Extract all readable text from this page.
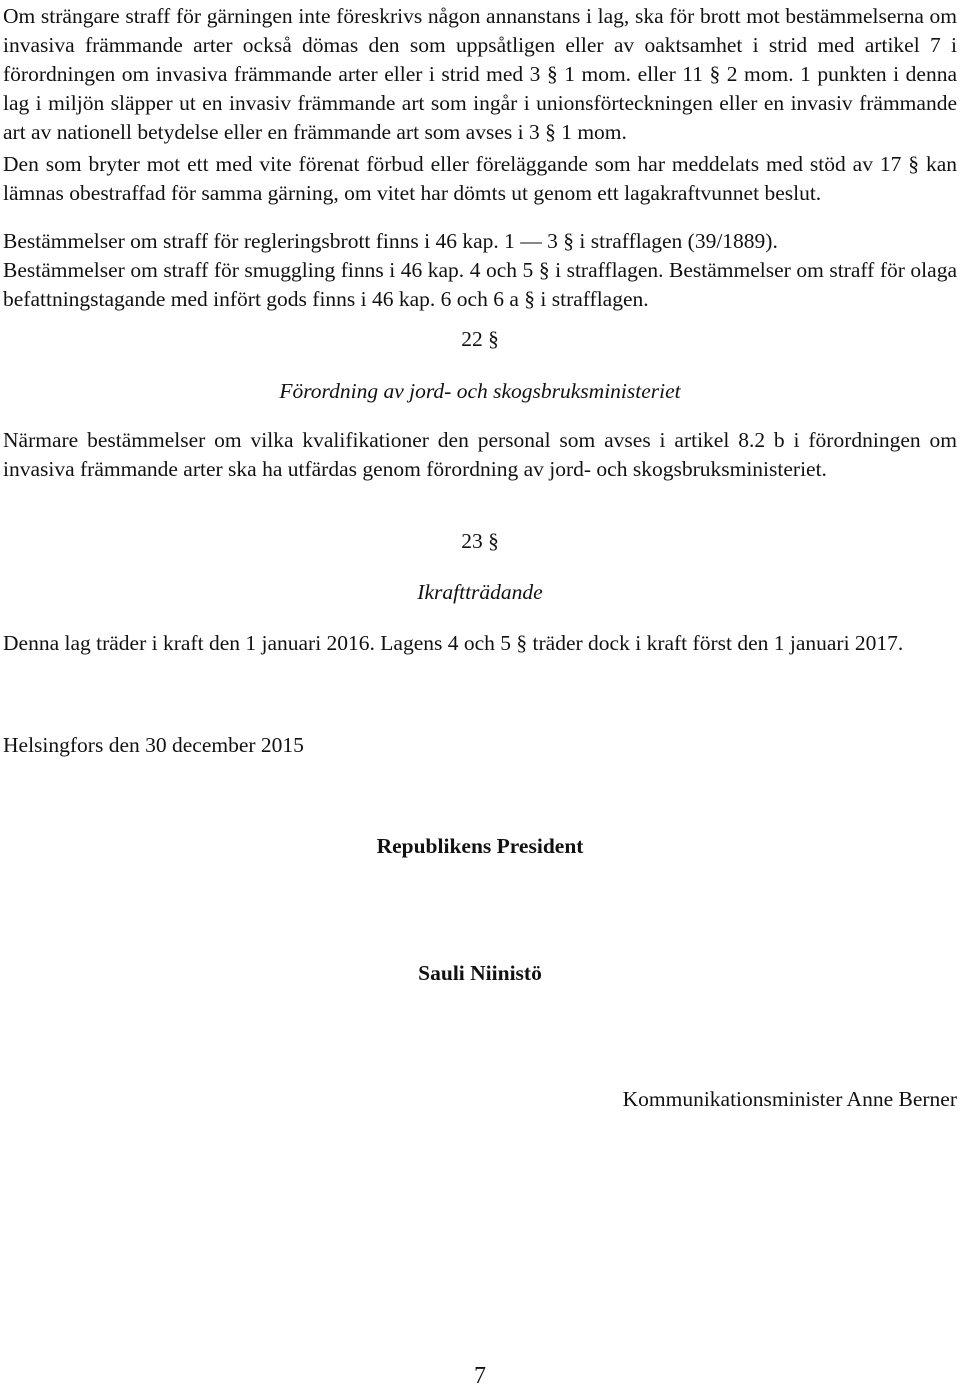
Om strängare straff för gärningen inte föreskrivs någon annanstans i lag, ska för brott mot bestämmelserna om invasiva främmande arter också dömas den som uppsåtligen eller av oaktsamhet i strid med artikel 7 i förordningen om invasiva främmande arter eller i strid med 3 § 1 mom. eller 11 § 2 mom. 1 punkten i denna lag i miljön släpper ut en invasiv främmande art som ingår i unionsförteckningen eller en invasiv främmande art av nationell betydelse eller en främmande art som avses i 3 § 1 mom.

Den som bryter mot ett med vite förenat förbud eller föreläggande som har meddelats med stöd av 17 § kan lämnas obestraffad för samma gärning, om vitet har dömts ut genom ett lagakraftvunnet beslut.

Bestämmelser om straff för regleringsbrott finns i 46 kap. 1 — 3 § i strafflagen (39/1889).

Bestämmelser om straff för smuggling finns i 46 kap. 4 och 5 § i strafflagen. Bestämmelser om straff för olaga befattningstagande med infört gods finns i 46 kap. 6 och 6 a § i strafflagen.

22 §

Förordning av jord- och skogsbruksministeriet

Närmare bestämmelser om vilka kvalifikationer den personal som avses i artikel 8.2 b i förordningen om invasiva främmande arter ska ha utfärdas genom förordning av jord- och skogsbruksministeriet.

23 §

Ikraftträdande

Denna lag träder i kraft den 1 januari 2016. Lagens 4 och 5 § träder dock i kraft först den 1 januari 2017.

Helsingfors den 30 december 2015

Republikens President

Sauli Niinistö

Kommunikationsminister Anne Berner

7
